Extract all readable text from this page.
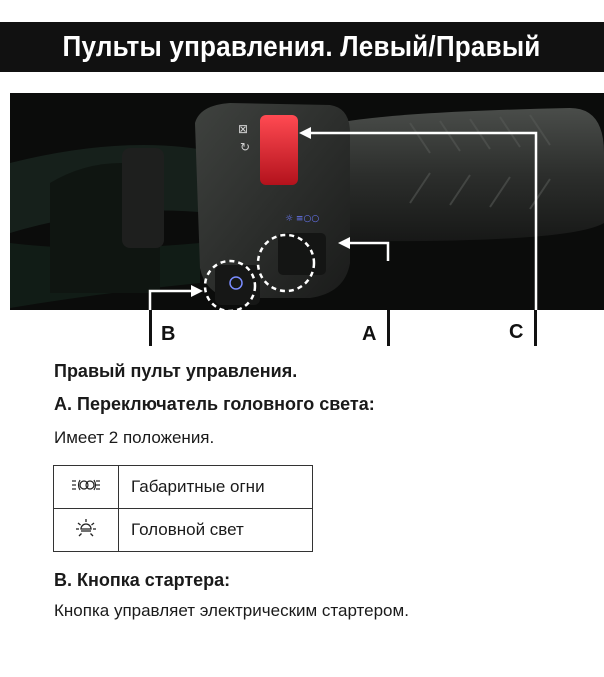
Пульты управления. Левый/Правый
⊠
↻
☼ ≡○○
B	A	C
Правый пульт управления.
А. Переключатель головного света:
Имеет 2 положения.
	Габаритные огни
	Головной свет
В. Кнопка стартера:
Кнопка управляет электрическим стартером.
